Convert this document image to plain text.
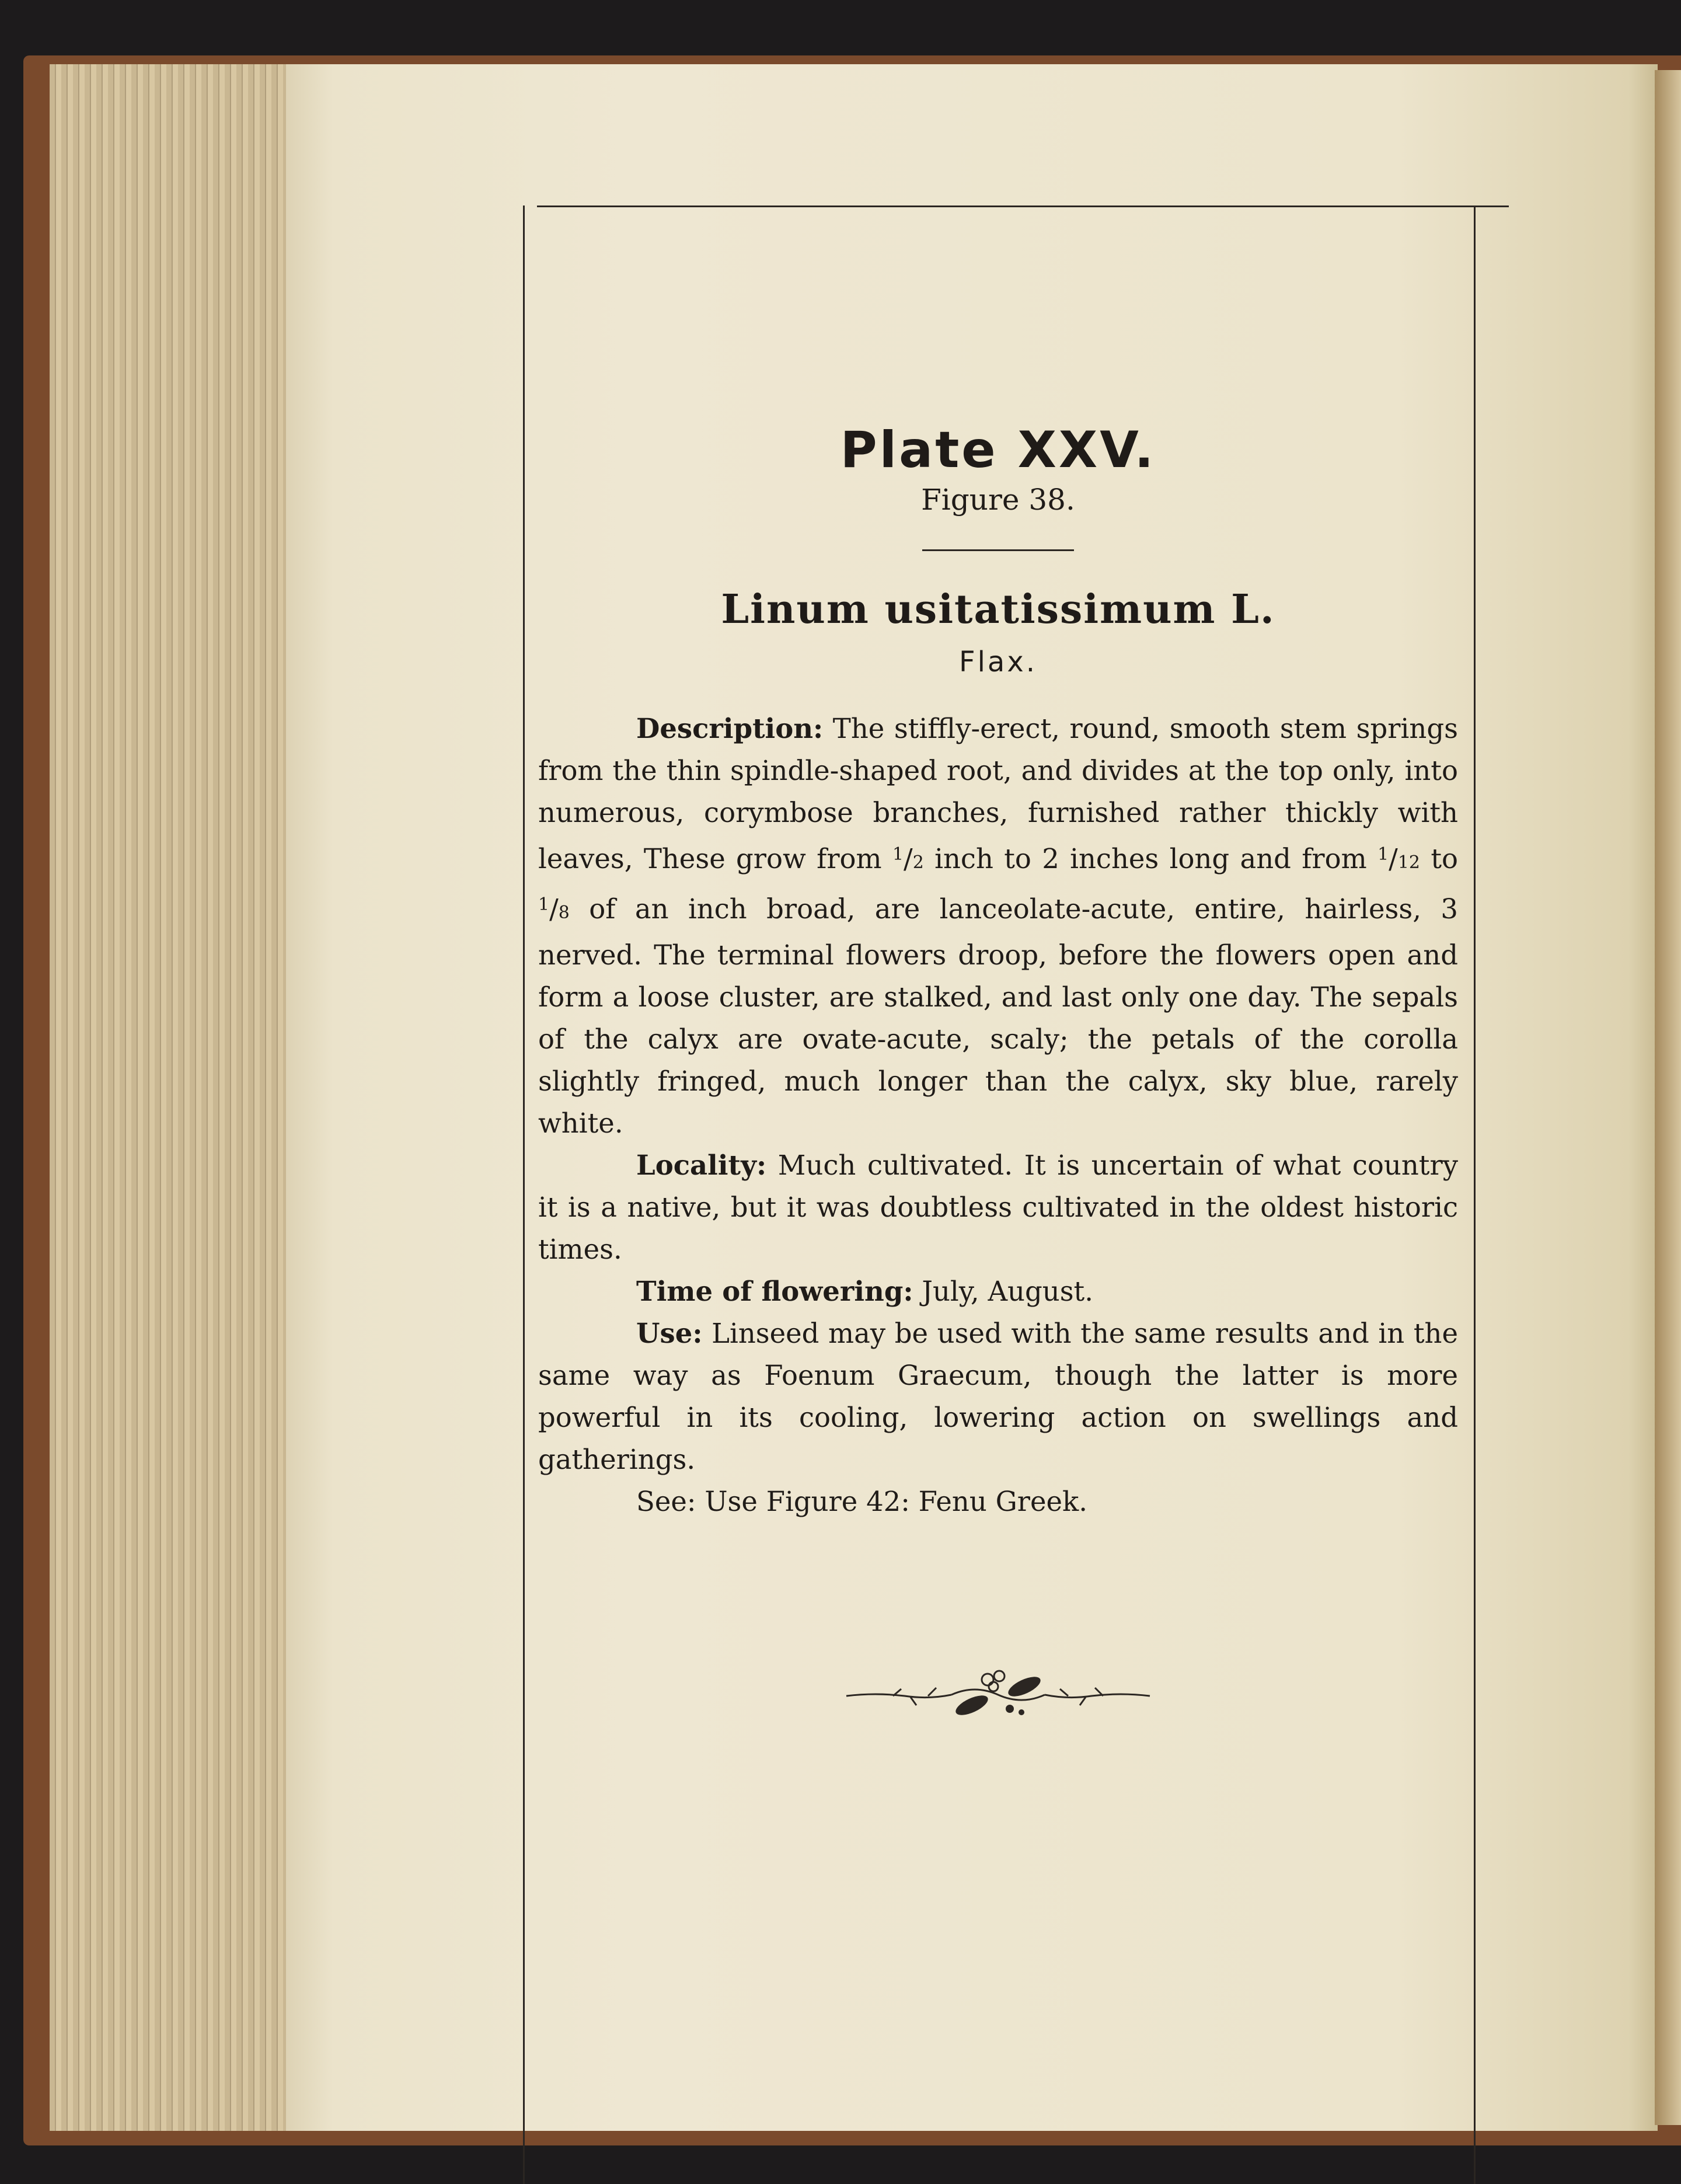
Plate XXV.
Figure 38.
Linum usitatissimum L.
Flax.

Description: The stiffly-erect, round, smooth stem springs from the thin spindle-shaped root, and divides at the top only, into numerous, corymbose branches, furnished rather thickly with leaves, These grow from $^1$/2 inch to 2 inches long and from $^1$/12 to $^1$/8 of an inch broad, are lanceolate-acute, entire, hairless, 3 nerved. The terminal flowers droop, before the flowers open and form a loose cluster, are stalked, and last only one day. The sepals of the calyx are ovate-acute, scaly; the petals of the corolla slightly fringed, much longer than the calyx, sky blue, rarely white.

Locality: Much cultivated. It is uncertain of what country it is a native, but it was doubtless cultivated in the oldest historic times.

Time of flowering: July, August.

Use: Linseed may be used with the same results and in the same way as Foenum Graecum, though the latter is more powerful in its cooling, lowering action on swellings and gatherings.

See: Use Figure 42: Fenu Greek.
